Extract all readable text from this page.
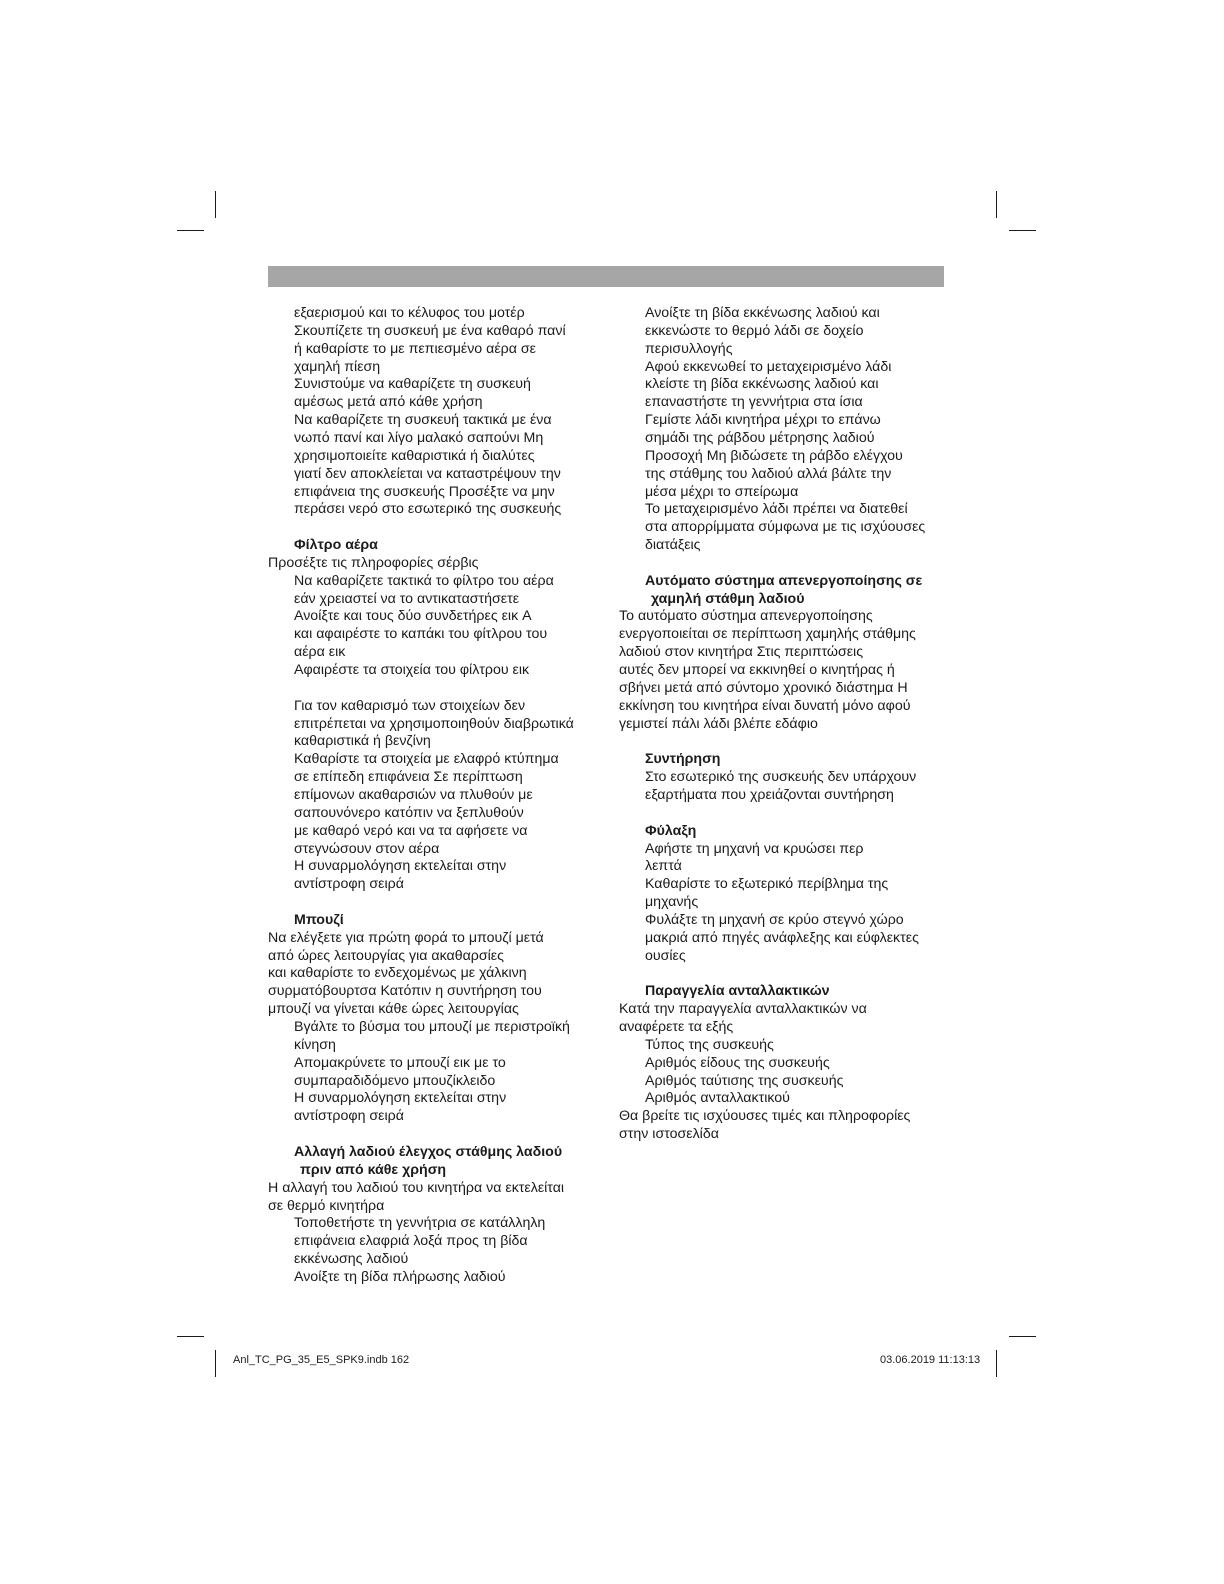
εξαερισμού και το κέλυφος του μοτέρ
Σκουπίζετε τη συσκευή με ένα καθαρό πανί
ή καθαρίστε το με πεπιεσμένο αέρα σε
χαμηλή πίεση
Συνιστούμε να καθαρίζετε τη συσκευή
αμέσως μετά από κάθε χρήση
Να καθαρίζετε τη συσκευή τακτικά με ένα
νωπό πανί και λίγο μαλακό σαπούνι Μη
χρησιμοποιείτε καθαριστικά ή διαλύτες
γιατί δεν αποκλείεται να καταστρέψουν την
επιφάνεια της συσκευής Προσέξτε να μην
περάσει νερό στο εσωτερικό της συσκευής
Φίλτρο αέρα
Προσέξτε τις πληροφορίες σέρβις
Να καθαρίζετε τακτικά το φίλτρο του αέρα
εάν χρειαστεί να το αντικαταστήσετε
Ανοίξτε και τους δύο συνδετήρες εικ A
και αφαιρέστε το καπάκι του φίτλρου του
αέρα εικ
Αφαιρέστε τα στοιχεία του φίλτρου εικ
Για τον καθαρισμό των στοιχείων δεν
επιτρέπεται να χρησιμοποιηθούν διαβρωτικά
καθαριστικά ή βενζίνη
Καθαρίστε τα στοιχεία με ελαφρό κτύπημα
σε επίπεδη επιφάνεια Σε περίπτωση
επίμονων ακαθαρσιών να πλυθούν με
σαπουνόνερο κατόπιν να ξεπλυθούν
με καθαρό νερό και να τα αφήσετε να
στεγνώσουν στον αέρα
Η συναρμολόγηση εκτελείται στην
αντίστροφη σειρά
Μπουζί
Να ελέγξετε για πρώτη φορά το μπουζί μετά
από ώρες λειτουργίας για ακαθαρσίες
και καθαρίστε το ενδεχομένως με χάλκινη
συρματόβουρτσα Κατόπιν η συντήρηση του
μπουζί να γίνεται κάθε ώρες λειτουργίας
Βγάλτε το βύσμα του μπουζί με περιστροϊκή
κίνηση
Απομακρύνετε το μπουζί εικ με το
συμπαραδιδόμενο μπουζίκλειδο
Η συναρμολόγηση εκτελείται στην
αντίστροφη σειρά
Αλλαγή λαδιού έλεγχος στάθμης λαδιού
πριν από κάθε χρήση
Η αλλαγή του λαδιού του κινητήρα να εκτελείται
σε θερμό κινητήρα
Τοποθετήστε τη γεννήτρια σε κατάλληλη
επιφάνεια ελαφριά λοξά προς τη βίδα
εκκένωσης λαδιού
Ανοίξτε τη βίδα πλήρωσης λαδιού
Ανοίξτε τη βίδα εκκένωσης λαδιού και
εκκενώστε το θερμό λάδι σε δοχείο
περισυλλογής
Αφού εκκενωθεί το μεταχειρισμένο λάδι
κλείστε τη βίδα εκκένωσης λαδιού και
επαναστήστε τη γεννήτρια στα ίσια
Γεμίστε λάδι κινητήρα μέχρι το επάνω
σημάδι της ράβδου μέτρησης λαδιού
Προσοχή Μη βιδώσετε τη ράβδο ελέγχου
της στάθμης του λαδιού αλλά βάλτε την
μέσα μέχρι το σπείρωμα
Το μεταχειρισμένο λάδι πρέπει να διατεθεί
στα απορρίμματα σύμφωνα με τις ισχύουσες
διατάξεις
Αυτόματο σύστημα απενεργοποίησης σε
χαμηλή στάθμη λαδιού
Το αυτόματο σύστημα απενεργοποίησης
ενεργοποιείται σε περίπτωση χαμηλής στάθμης
λαδιού στον κινητήρα Στις περιπτώσεις
αυτές δεν μπορεί να εκκινηθεί ο κινητήρας ή
σβήνει μετά από σύντομο χρονικό διάστημα Η
εκκίνηση του κινητήρα είναι δυνατή μόνο αφού
γεμιστεί πάλι λάδι βλέπε εδάφιο
Συντήρηση
Στο εσωτερικό της συσκευής δεν υπάρχουν
εξαρτήματα που χρειάζονται συντήρηση
Φύλαξη
Αφήστε τη μηχανή να κρυώσει περ
λεπτά
Καθαρίστε το εξωτερικό περίβλημα της
μηχανής
Φυλάξτε τη μηχανή σε κρύο στεγνό χώρο
μακριά από πηγές ανάφλεξης και εύφλεκτες
ουσίες
Παραγγελία ανταλλακτικών
Κατά την παραγγελία ανταλλακτικών να
αναφέρετε τα εξής
Τύπος της συσκευής
Αριθμός είδους της συσκευής
Αριθμός ταύτισης της συσκευής
Αριθμός ανταλλακτικού
Θα βρείτε τις ισχύουσες τιμές και πληροφορίες
στην ιστοσελίδα
Anl_TC_PG_35_E5_SPK9.indb 162	03.06.2019 11:13:13
